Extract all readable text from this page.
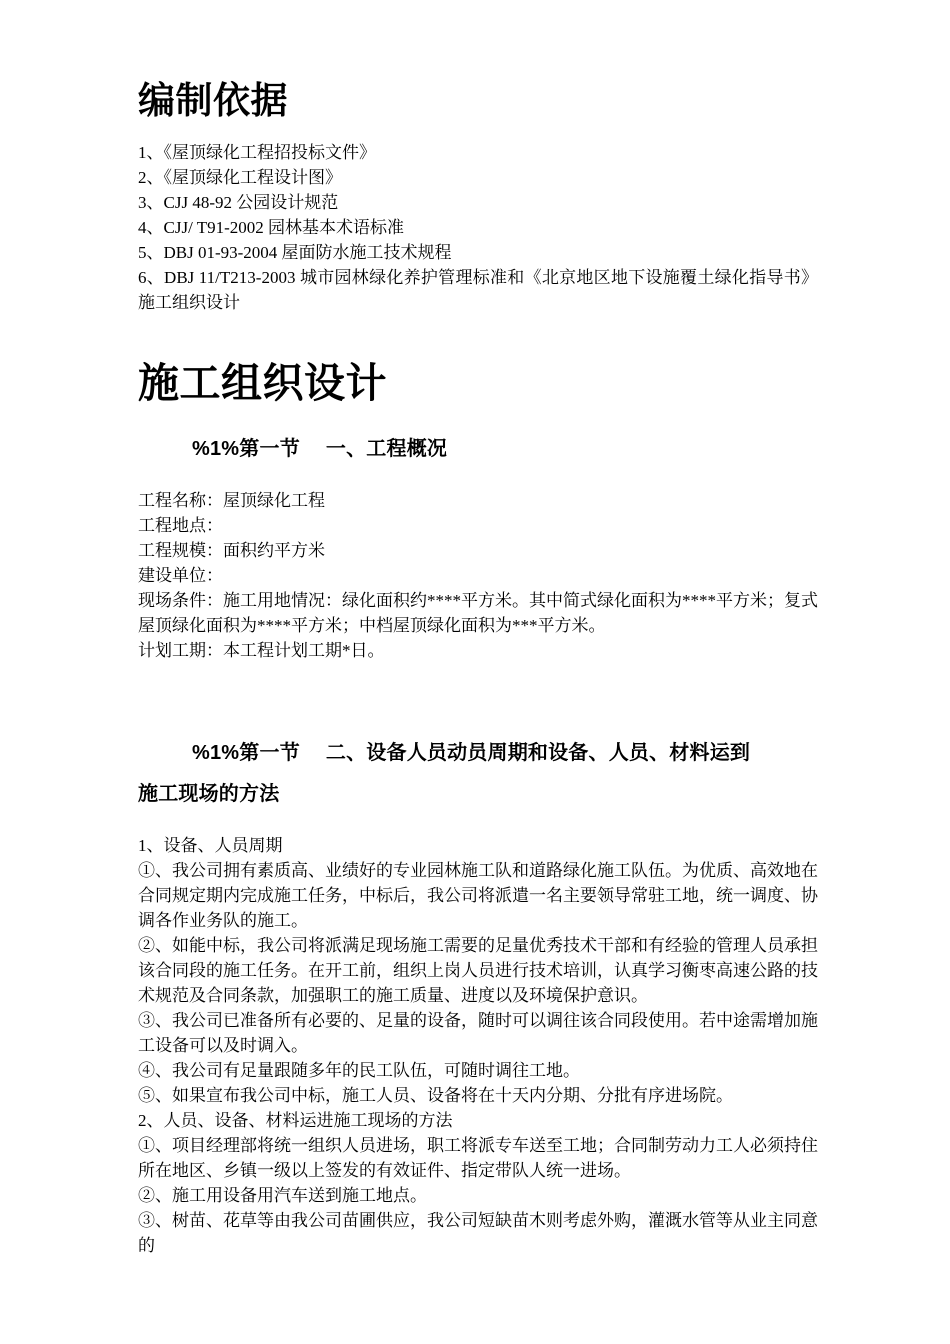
编制依据
1、《屋顶绿化工程招投标文件》
2、《屋顶绿化工程设计图》
3、CJJ 48-92 公园设计规范
4、CJJ/ T91-2002 园林基本术语标准
5、DBJ 01-93-2004 屋面防水施工技术规程
6、DBJ 11/T213-2003 城市园林绿化养护管理标准和《北京地区地下设施覆土绿化指导书》施工组织设计
施工组织设计
%1%第一节 一、工程概况

工程名称：屋顶绿化工程

工程地点：

工程规模：面积约平方米

建设单位：

现场条件：施工用地情况：绿化面积约****平方米。其中简式绿化面积为****平方米；复式屋顶绿化面积为****平方米；中档屋顶绿化面积为***平方米。

计划工期：本工程计划工期*日。

%1%第一节 二、设备人员动员周期和设备、人员、材料运到
施工现场的方法

1、设备、人员周期

①、我公司拥有素质高、业绩好的专业园林施工队和道路绿化施工队伍。为优质、高效地在合同规定期内完成施工任务，中标后，我公司将派遣一名主要领导常驻工地，统一调度、协调各作业务队的施工。

②、如能中标，我公司将派满足现场施工需要的足量优秀技术干部和有经验的管理人员承担该合同段的施工任务。在开工前，组织上岗人员进行技术培训，认真学习衡枣高速公路的技术规范及合同条款，加强职工的施工质量、进度以及环境保护意识。

③、我公司已准备所有必要的、足量的设备，随时可以调往该合同段使用。若中途需增加施工设备可以及时调入。

④、我公司有足量跟随多年的民工队伍，可随时调往工地。

⑤、如果宣布我公司中标，施工人员、设备将在十天内分期、分批有序进场院。

2、人员、设备、材料运进施工现场的方法

①、项目经理部将统一组织人员进场，职工将派专车送至工地；合同制劳动力工人必须持住所在地区、乡镇一级以上签发的有效证件、指定带队人统一进场。

②、施工用设备用汽车送到施工地点。

③、树苗、花草等由我公司苗圃供应，我公司短缺苗木则考虑外购，灌溉水管等从业主同意的
